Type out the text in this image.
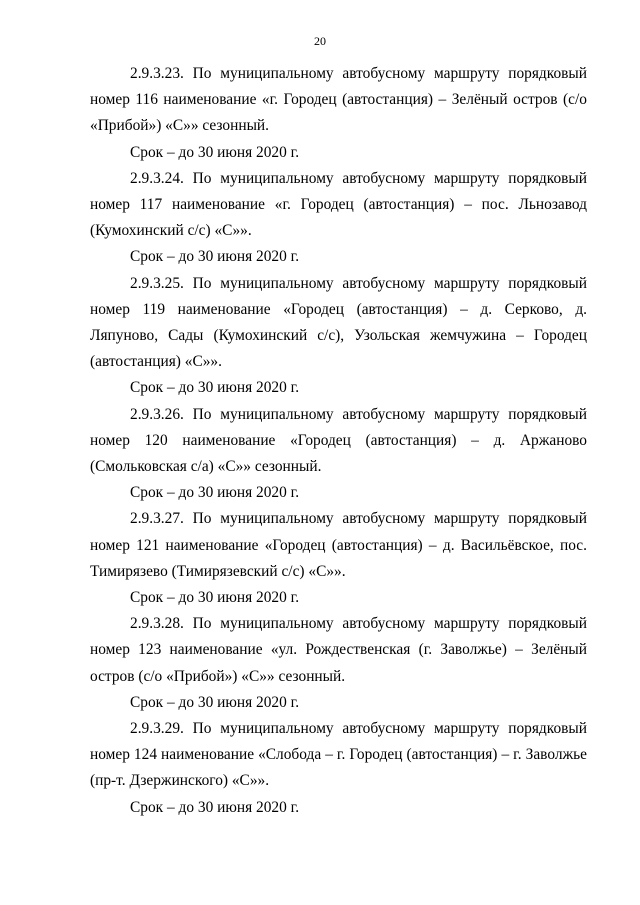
20

2.9.3.23. По муниципальному автобусному маршруту порядковый номер 116 наименование «г. Городец (автостанция) – Зелёный остров (с/о «Прибой») «С»» сезонный.

Срок – до 30 июня 2020 г.

2.9.3.24. По муниципальному автобусному маршруту порядковый номер 117 наименование «г. Городец (автостанция) – пос. Льнозавод (Кумохинский с/с) «С»».

Срок – до 30 июня 2020 г.

2.9.3.25. По муниципальному автобусному маршруту порядковый номер 119 наименование «Городец (автостанция) – д. Серково, д. Ляпуново, Сады (Кумохинский с/с), Узольская жемчужина – Городец (автостанция) «С»».

Срок – до 30 июня 2020 г.

2.9.3.26. По муниципальному автобусному маршруту порядковый номер 120 наименование «Городец (автостанция) – д. Аржаново (Смольковская с/а) «С»» сезонный.

Срок – до 30 июня 2020 г.

2.9.3.27. По муниципальному автобусному маршруту порядковый номер 121 наименование «Городец (автостанция) – д. Васильёвское, пос. Тимирязево (Тимирязевский с/с) «С»».

Срок – до 30 июня 2020 г.

2.9.3.28. По муниципальному автобусному маршруту порядковый номер 123 наименование «ул. Рождественская (г. Заволжье) – Зелёный остров (с/о «Прибой») «С»» сезонный.

Срок – до 30 июня 2020 г.

2.9.3.29. По муниципальному автобусному маршруту порядковый номер 124 наименование «Слобода – г. Городец (автостанция) – г. Заволжье (пр-т. Дзержинского) «С»».

Срок – до 30 июня 2020 г.
